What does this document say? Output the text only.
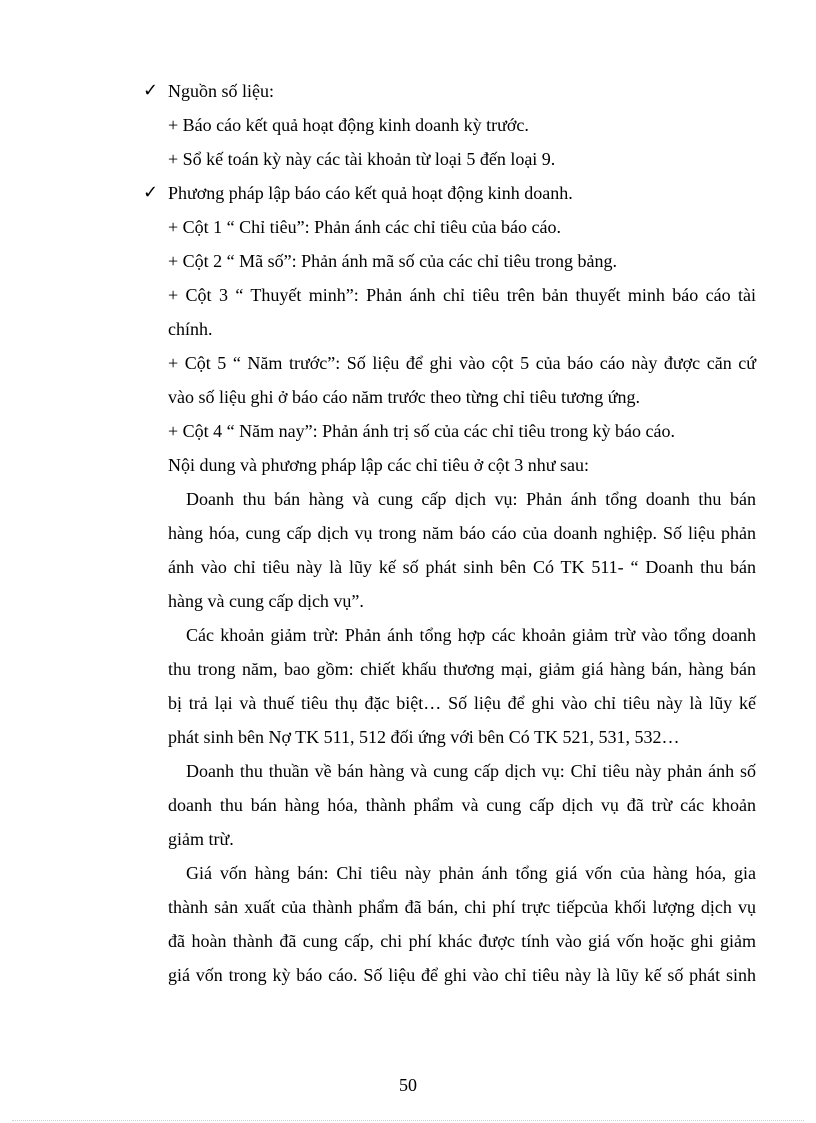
✓ Nguồn số liệu:
+ Báo cáo kết quả hoạt động kinh doanh kỳ trước.
+ Sổ kế toán kỳ này các tài khoản từ loại 5 đến loại 9.
✓ Phương pháp lập báo cáo kết quả hoạt động kinh doanh.
+ Cột 1 “ Chỉ tiêu”: Phản ánh các chỉ tiêu của báo cáo.
+ Cột 2 “ Mã số”: Phản ánh mã số của các chỉ tiêu trong bảng.
+ Cột 3 “ Thuyết minh”: Phản ánh chỉ tiêu trên bản thuyết minh báo cáo tài
chính.
+ Cột 5 “ Năm trước”: Số liệu để ghi vào cột 5 của báo cáo này được căn cứ
vào số liệu ghi ở báo cáo năm trước theo từng chỉ tiêu tương ứng.
+ Cột 4 “ Năm nay”: Phản ánh trị số của các chỉ tiêu trong kỳ báo cáo.
Nội dung và phương pháp lập các chỉ tiêu ở cột 3 như sau:
Doanh thu bán hàng và cung cấp dịch vụ: Phản ánh tổng doanh thu bán
hàng hóa, cung cấp dịch vụ trong năm báo cáo của doanh nghiệp. Số liệu phản
ánh vào chỉ tiêu này là lũy kế số phát sinh bên Có TK 511- “ Doanh thu bán
hàng và cung cấp dịch vụ”.
Các khoản giảm trừ: Phản ánh tổng hợp các khoản giảm trừ vào tổng doanh
thu trong năm, bao gồm: chiết khấu thương mại, giảm giá hàng bán, hàng bán
bị trả lại và thuế tiêu thụ đặc biệt… Số liệu để ghi vào chỉ tiêu này là lũy kế
phát sinh bên Nợ TK 511, 512 đối ứng với bên Có TK 521, 531, 532…
Doanh thu thuần về bán hàng và cung cấp dịch vụ: Chỉ tiêu này phản ánh số
doanh thu bán hàng hóa, thành phẩm và cung cấp dịch vụ đã trừ các khoản
giảm trừ.
Giá vốn hàng bán: Chỉ tiêu này phản ánh tổng giá vốn của hàng hóa, gia
thành sản xuất của thành phẩm đã bán, chi phí trực tiếpcủa khối lượng dịch vụ
đã hoàn thành đã cung cấp, chi phí khác được tính vào giá vốn hoặc ghi giảm
giá vốn trong kỳ báo cáo. Số liệu để ghi vào chỉ tiêu này là lũy kế số phát sinh
50
